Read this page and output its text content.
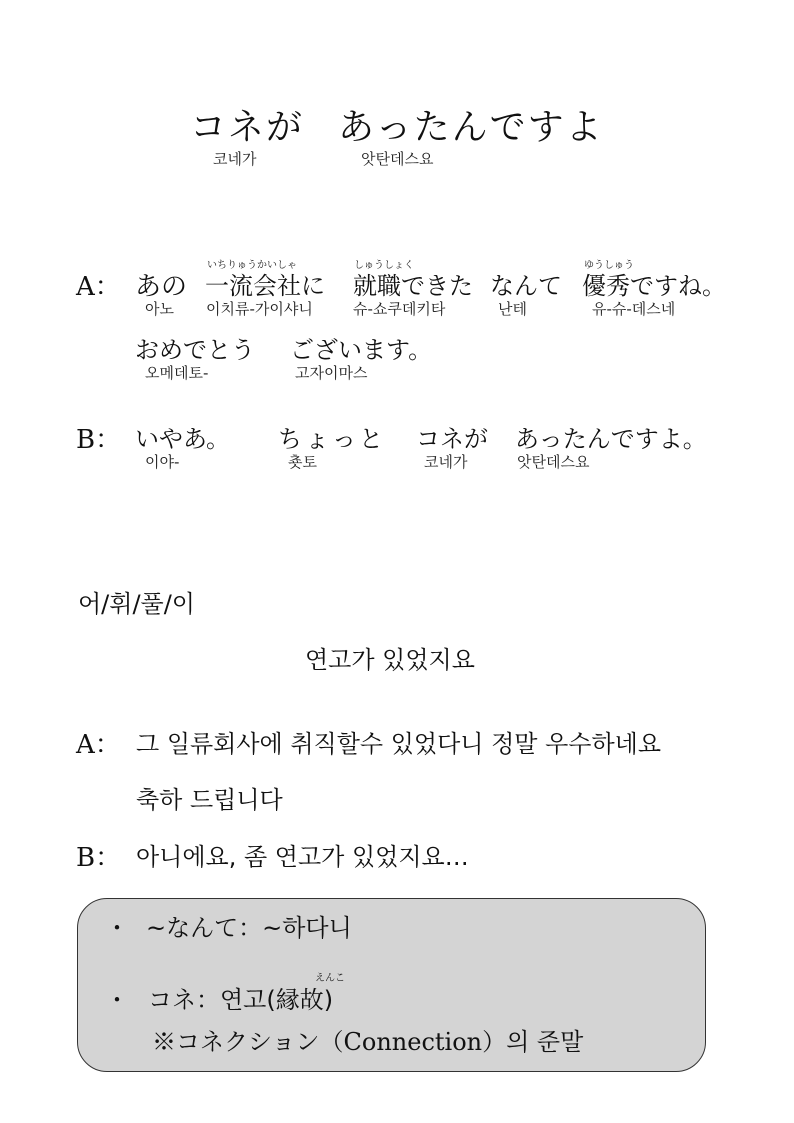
コネが あったんですよ
코네가	앗탄데스요
A： あの
아노
いちりゅうかいしゃ
一流会社に
이치류-가이샤니
しゅうしょく
就職できた
슈-쇼쿠데키타
なんて
난테
ゆうしゅう
優秀ですね。
유-슈-데스네
おめでとう
오메데토-
ございます。
고자이마스
B： いやあ。
이야-
ちょっと
춋토
コネが
코네가
あったんですよ。
앗탄데스요
어/휘/풀/이
연고가 있었지요
A： 그 일류회사에 취직할수 있었다니 정말 우수하네요
축하 드립니다
B： 아니에요, 좀 연고가 있었지요…
・ ~なんて：~하다니
・ コネ：연고(縁故)
えんこ
※コネクション（Connection）의 준말
